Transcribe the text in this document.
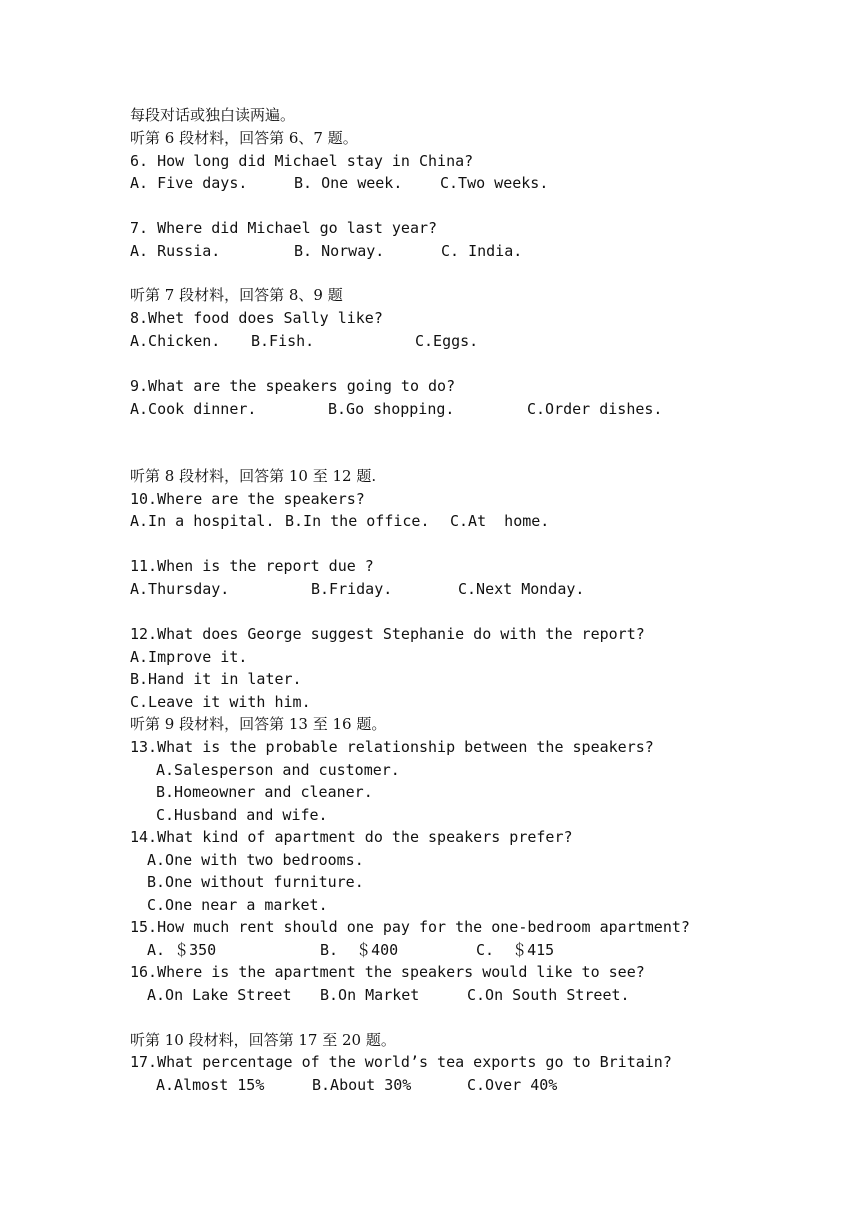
每段对话或独白读两遍。
听第 6 段材料，回答第 6、7 题。
6. How long did Michael stay in China?
A. Five days.	B. One week.	C.Two weeks.
7. Where did Michael go last year?
A. Russia.	B. Norway.	C. India.
听第 7 段材料，回答第 8、9 题
8.Whet food does Sally like?
A.Chicken.	B.Fish.	C.Eggs.
9.What are the speakers going to do?
A.Cook dinner.	B.Go shopping.	C.Order dishes.
听第 8 段材料，回答第 10 至 12 题.
10.Where are the speakers?
A.In a hospital. B.In the office.	C.At  home.
11.When is the report due ?
A.Thursday.	B.Friday.	C.Next Monday.
12.What does George suggest Stephanie do with the report?
A.Improve it.
B.Hand it in later.
C.Leave it with him.
听第 9 段材料，回答第 13 至 16 题。
13.What is the probable relationship between the speakers?
A.Salesperson and customer.
B.Homeowner and cleaner.
C.Husband and wife.
14.What kind of apartment do the speakers prefer?
A.One with two bedrooms.
B.One without furniture.
C.One near a market.
15.How much rent should one pay for the one-bedroom apartment?
A. ＄350	B.  ＄400	C.  ＄415
16.Where is the apartment the speakers would like to see?
A.On Lake Street	B.On Market	C.On South Street.
听第 10 段材料，回答第 17 至 20 题。
17.What percentage of the world’s tea exports go to Britain?
A.Almost 15%	B.About 30%	C.Over 40%
